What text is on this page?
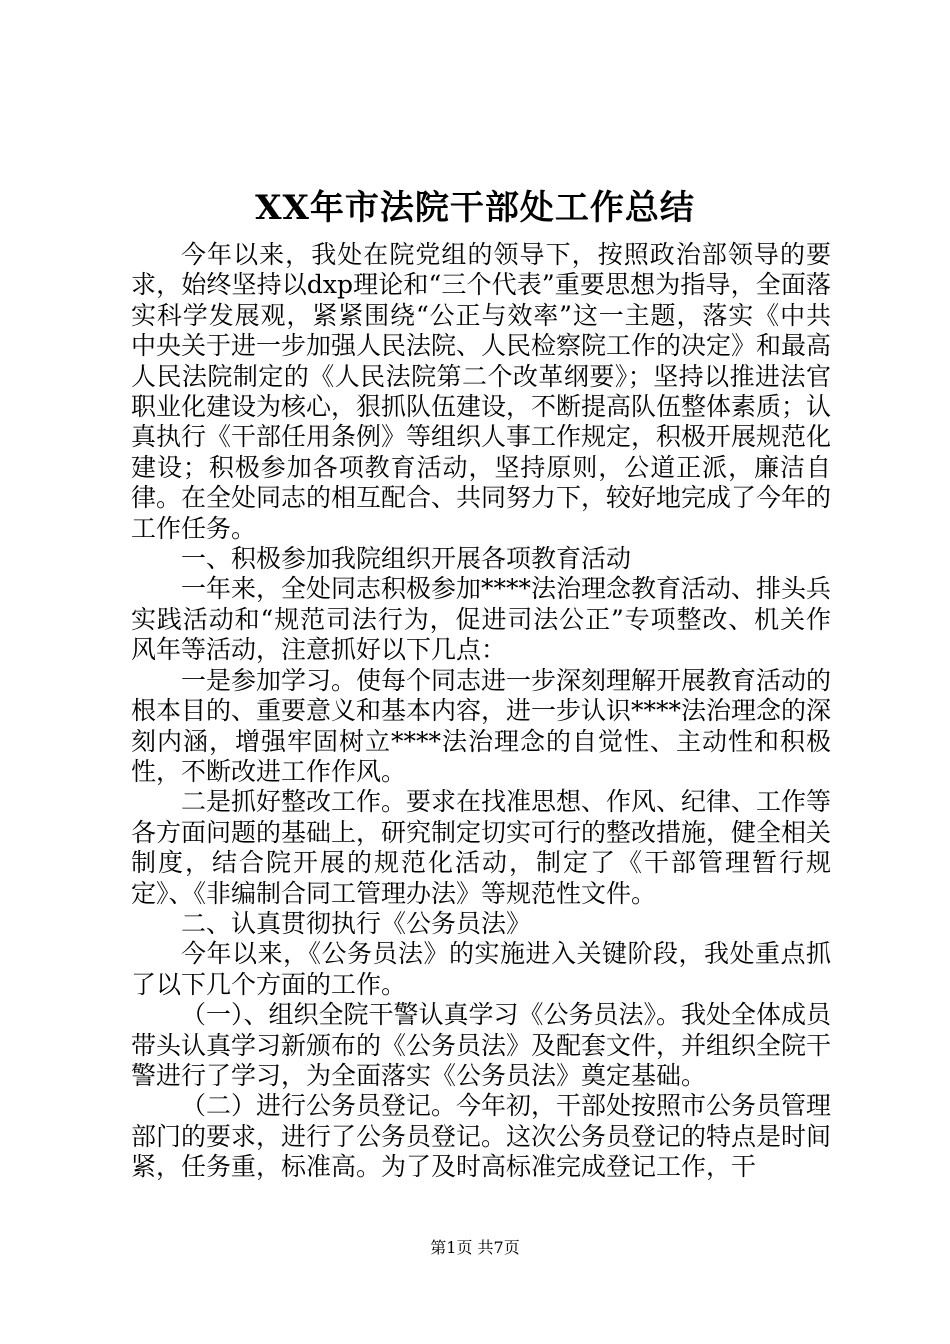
XX年市法院干部处工作总结

今年以来，我处在院党组的领导下，按照政治部领导的要求，始终坚持以dxp理论和“三个代表”重要思想为指导，全面落实科学发展观，紧紧围绕“公正与效率”这一主题，落实《中共中央关于进一步加强人民法院、人民检察院工作的决定》和最高人民法院制定的《人民法院第二个改革纲要》；坚持以推进法官职业化建设为核心，狠抓队伍建设，不断提高队伍整体素质；认真执行《干部任用条例》等组织人事工作规定，积极开展规范化建设；积极参加各项教育活动，坚持原则，公道正派，廉洁自律。在全处同志的相互配合、共同努力下，较好地完成了今年的工作任务。

一、积极参加我院组织开展各项教育活动

一年来，全处同志积极参加****法治理念教育活动、排头兵实践活动和“规范司法行为，促进司法公正”专项整改、机关作风年等活动，注意抓好以下几点：

一是参加学习。使每个同志进一步深刻理解开展教育活动的根本目的、重要意义和基本内容，进一步认识****法治理念的深刻内涵，增强牢固树立****法治理念的自觉性、主动性和积极性，不断改进工作作风。

二是抓好整改工作。要求在找准思想、作风、纪律、工作等各方面问题的基础上，研究制定切实可行的整改措施，健全相关制度，结合院开展的规范化活动，制定了《干部管理暂行规定》、《非编制合同工管理办法》等规范性文件。

二、认真贯彻执行《公务员法》

今年以来，《公务员法》的实施进入关键阶段，我处重点抓了以下几个方面的工作。

（一）、组织全院干警认真学习《公务员法》。我处全体成员带头认真学习新颁布的《公务员法》及配套文件，并组织全院干警进行了学习，为全面落实《公务员法》奠定基础。

（二）进行公务员登记。今年初，干部处按照市公务员管理部门的要求，进行了公务员登记。这次公务员登记的特点是时间紧，任务重，标准高。为了及时高标准完成登记工作，干

第1页 共7页
